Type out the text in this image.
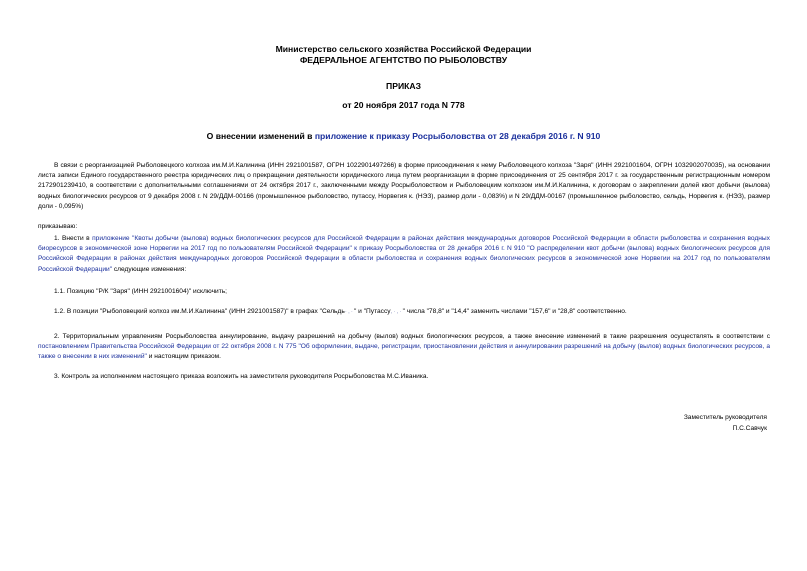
Министерство сельского хозяйства Российской Федерации
ФЕДЕРАЛЬНОЕ АГЕНТСТВО ПО РЫБОЛОВСТВУ
ПРИКАЗ
от 20 ноября 2017 года N 778
О внесении изменений в приложение к приказу Росрыболовства от 28 декабря 2016 г. N 910
В связи с реорганизацией Рыболовецкого колхоза им.М.И.Калинина (ИНН 2921001587, ОГРН 1022901497266) в форме присоединения к нему Рыболовецкого колхоза "Заря" (ИНН 2921001604, ОГРН 1032902070035), на основании листа записи Единого государственного реестра юридических лиц о прекращении деятельности юридического лица путем реорганизации в форме присоединения от 25 сентября 2017 г. за государственным регистрационным номером 2172901239410, в соответствии с дополнительными соглашениями от 24 октября 2017 г., заключенными между Росрыболовством и Рыболовецким колхозом им.М.И.Калинина, к договорам о закреплении долей квот добычи (вылова) водных биологических ресурсов от 9 декабря 2008 г. N 29/ДДМ-00166 (промышленное рыболовство, путассу, Норвегия к. (НЭЗ), размер доли - 0,083%) и N 29/ДДМ-00167 (промышленное рыболовство, сельдь, Норвегия к. (НЭЗ), размер доли - 0,095%)
приказываю:
1. Внести в приложение "Квоты добычи (вылова) водных биологических ресурсов для Российской Федерации в районах действия международных договоров Российской Федерации в области рыболовства и сохранения водных биоресурсов в экономической зоне Норвегии на 2017 год по пользователям Российской Федерации" к приказу Росрыболовства от 28 декабря 2016 г. N 910 "О распределении квот добычи (вылова) водных биологических ресурсов для Российской Федерации в районах действия международных договоров Российской Федерации в области рыболовства и сохранения водных биологических ресурсов в экономической зоне Норвегии на 2017 год по пользователям Российской Федерации" следующие изменения:
1.1. Позицию "Р/К "Заря" (ИНН 2921001604)" исключить;
1.2. В позиции "Рыболовецкий колхоз им.М.И.Калинина" (ИНН 2921001587)" в графах "Сельдь·,·" и "Путассу,·,·" числа "78,8" и "14,4" заменить числами "157,6" и "28,8" соответственно.
2. Территориальным управлениям Росрыболовства аннулирование, выдачу разрешений на добычу (вылов) водных биологических ресурсов, а также внесение изменений в такие разрешения осуществлять в соответствии с постановлением Правительства Российской Федерации от 22 октября 2008 г. N 775 "Об оформлении, выдаче, регистрации, приостановлении действия и аннулировании разрешений на добычу (вылов) водных биологических ресурсов, а также о внесении в них изменений" и настоящим приказом.
3. Контроль за исполнением настоящего приказа возложить на заместителя руководителя Росрыболовства М.С.Иваника.
Заместитель руководителя
П.С.Савчук
